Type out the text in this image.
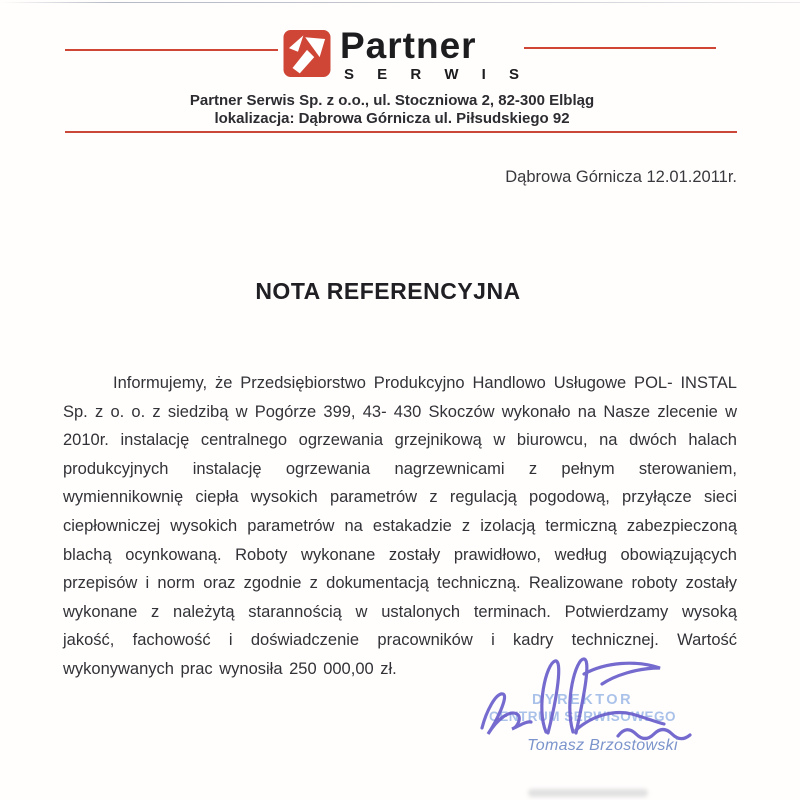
Partner
S E R W I S
Partner Serwis Sp. z o.o., ul. Stoczniowa 2, 82-300 Elbląg
lokalizacja: Dąbrowa Górnicza ul. Piłsudskiego 92
Dąbrowa Górnicza 12.01.2011r.
NOTA REFERENCYJNA

Informujemy, że Przedsiębiorstwo Produkcyjno Handlowo Usługowe POL- INSTAL Sp. z o. o. z siedzibą w Pogórze 399, 43- 430 Skoczów wykonało na Nasze zlecenie w 2010r. instalację centralnego ogrzewania grzejnikową w biurowcu, na dwóch halach produkcyjnych instalację ogrzewania nagrzewnicami z pełnym sterowaniem, wymiennikownię ciepła wysokich parametrów z regulacją pogodową, przyłącze sieci ciepłowniczej wysokich parametrów na estakadzie z izolacją termiczną zabezpieczoną blachą ocynkowaną. Roboty wykonane zostały prawidłowo, według obowiązujących przepisów i norm oraz zgodnie z dokumentacją techniczną. Realizowane roboty zostały wykonane z należytą starannością w ustalonych terminach. Potwierdzamy wysoką jakość, fachowość i doświadczenie pracowników i kadry technicznej. Wartość wykonywanych prac wynosiła 250 000,00 zł.

DYREKTOR
CENTRUM SERWISOWEGO
Tomasz Brzostowski
